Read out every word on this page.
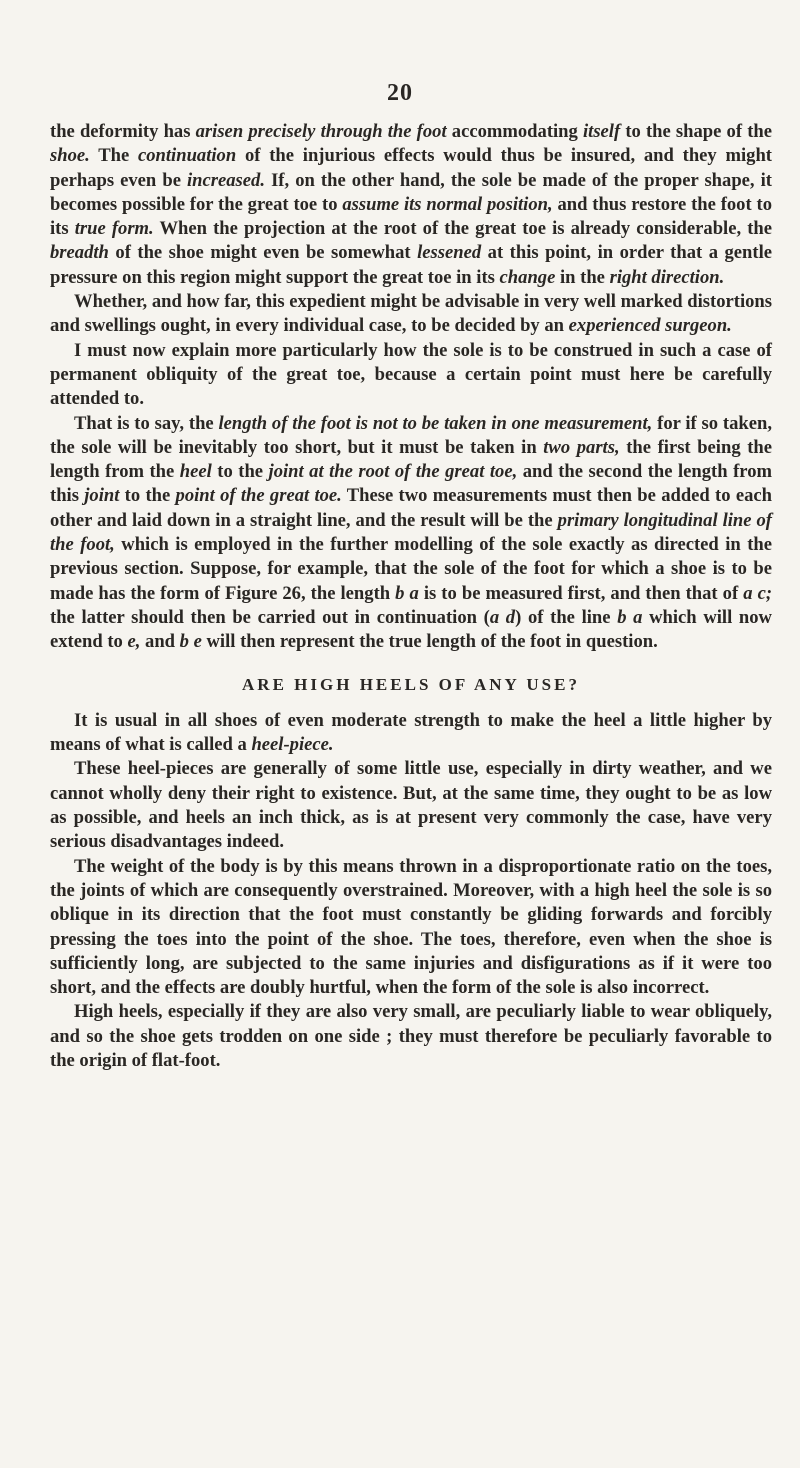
20

the deformity has arisen precisely through the foot accommodating itself to the shape of the shoe. The continuation of the injurious effects would thus be insured, and they might perhaps even be increased. If, on the other hand, the sole be made of the proper shape, it becomes possible for the great toe to assume its normal position, and thus restore the foot to its true form. When the projection at the root of the great toe is already considerable, the breadth of the shoe might even be somewhat lessened at this point, in order that a gentle pressure on this region might support the great toe in its change in the right direction.

Whether, and how far, this expedient might be advisable in very well marked distortions and swellings ought, in every individual case, to be decided by an experienced surgeon.

I must now explain more particularly how the sole is to be construed in such a case of permanent obliquity of the great toe, because a certain point must here be carefully attended to.

That is to say, the length of the foot is not to be taken in one measurement, for if so taken, the sole will be inevitably too short, but it must be taken in two parts, the first being the length from the heel to the joint at the root of the great toe, and the second the length from this joint to the point of the great toe. These two measurements must then be added to each other and laid down in a straight line, and the result will be the primary longitudinal line of the foot, which is employed in the further modelling of the sole exactly as directed in the previous section. Suppose, for example, that the sole of the foot for which a shoe is to be made has the form of Figure 26, the length b a is to be measured first, and then that of a c; the latter should then be carried out in continuation (a d) of the line b a which will now extend to e, and b e will then represent the true length of the foot in question.

ARE HIGH HEELS OF ANY USE?

It is usual in all shoes of even moderate strength to make the heel a little higher by means of what is called a heel-piece.

These heel-pieces are generally of some little use, especially in dirty weather, and we cannot wholly deny their right to existence. But, at the same time, they ought to be as low as possible, and heels an inch thick, as is at present very commonly the case, have very serious disadvantages indeed.

The weight of the body is by this means thrown in a disproportionate ratio on the toes, the joints of which are consequently overstrained. Moreover, with a high heel the sole is so oblique in its direction that the foot must constantly be gliding forwards and forcibly pressing the toes into the point of the shoe. The toes, therefore, even when the shoe is sufficiently long, are subjected to the same injuries and disfigurations as if it were too short, and the effects are doubly hurtful, when the form of the sole is also incorrect.

High heels, especially if they are also very small, are peculiarly liable to wear obliquely, and so the shoe gets trodden on one side ; they must therefore be peculiarly favorable to the origin of flat-foot.
